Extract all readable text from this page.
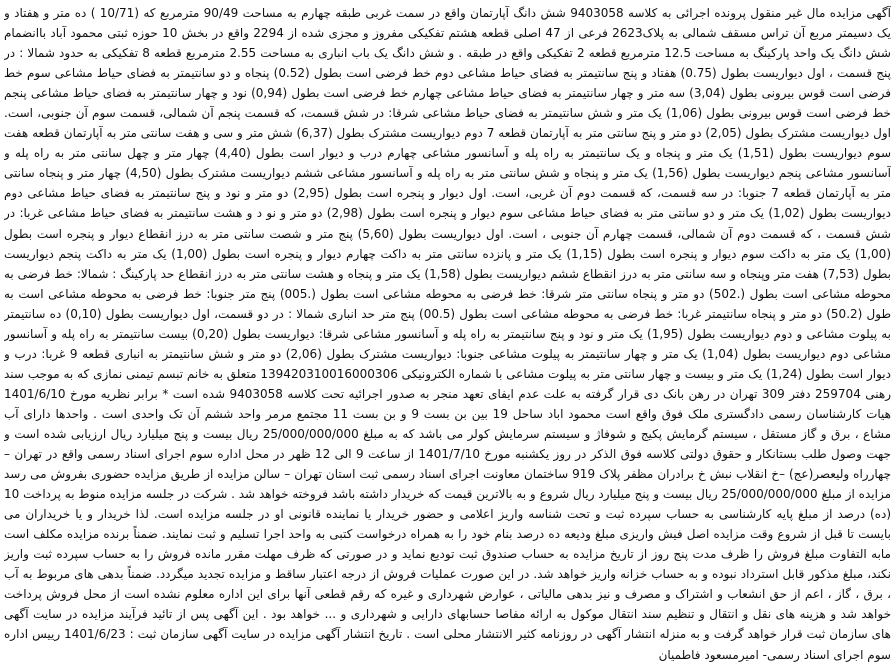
آگهی مزایده مال غیر منقول پرونده اجرائی به کلاسه 9403058 شش دانگ آپارتمان واقع در سمت غربی طبقه چهارم به مساحت 90/49 مترمربع که (10/71 ) ده متر و هفتاد و یک دسیمتر مربع آن تراس مسقف شمالی به پلاک2623 فرعی از 47 اصلی قطعه هشتم تفکیکی مفروز و مجزی شده از 2294 واقع در بخش 10 حوزه ثبتی محمود آباد باانضمام شش دانگ یک واحد پارکینگ به مساحت 12.5 مترمربع قطعه 2 تفکیکی واقع در طبقه . و شش دانگ یک باب انباری به مساحت 2.55 مترمربع قطعه 8 تفکیکی به حدود شمالا : در پنج قسمت ، اول دیواریست بطول (0.75) هفتاد و پنج سانتیمتر به فضای حیاط مشاعی دوم خط فرضی است بطول (0.52) پنجاه و دو سانتیمتر به فضای حیاط مشاعی سوم خط فرضی است قوس بیرونی بطول (3,04) سه متر و چهار سانتیمتر به فضای حیاط مشاعی چهارم خط فرضی است بطول (0,94) نود و چهار سانتیمتر به فضای حیاط مشاعی پنجم خط فرضی است قوس بیرونی بطول (1,06) یک متر و شش سانتیمتر به فضای حیاط مشاعی شرقا: در شش قسمت، که قسمت پنجم آن شمالی، قسمت سوم آن جنوبی، است. اول دیواریست مشترک بطول (2,05) دو متر و پنج سانتی متر به آپارتمان قطعه 7 دوم دیواریست مشترک بطول (6,37) شش متر و سی و هفت سانتی متر به آپارتمان قطعه هفت سوم دیواریست بطول (1,51) یک متر و پنجاه و یک سانتیمتر به راه پله و آسانسور مشاعی چهارم درب و دیوار است بطول (4,40) چهار متر و چهل سانتی متر به راه پله و آسانسور مشاعی پنجم دیواریست بطول (1,56) یک متر و پنجاه و شش سانتی متر به راه پله و آسانسور مشاعی ششم دیواریست مشترک بطول (4,50) چهار متر و پنجاه سانتی متر به آپارتمان قطعه 7 جنوبا: در سه قسمت، که قسمت دوم آن غربی، است. اول دیوار و پنجره است بطول (2,95) دو متر و نود و پنج سانتیمتر به فضای حیاط مشاعی دوم دیواریست بطول (1,02) یک متر و دو سانتی متر به فضای حیاط مشاعی سوم دیوار و پنجره است بطول (2,98) دو متر و نو د و هشت سانتیمتر به فضای حیاط مشاعی غربا: در شش قسمت ، که قسمت دوم آن شمالی، قسمت چهارم آن جنوبی ، است. اول دیواریست بطول (5,60) پنج متر و شصت سانتی متر به درز انقطاع دیوار و پنجره است بطول (1,00) یک متر به داکت سوم دیوار و پنجره است بطول (1,15) یک متر و پانزده سانتی متر به داکت چهارم دیوار و پنجره است بطول (1,00) یک متر به داکت پنجم دیواریست بطول (7,53) هفت متر وپنجاه و سه سانتی متر به درز انقطاع ششم دیواریست بطول (1,58) یک متر و پنجاه و هشت سانتی متر به درز انقطاع حد پارکینگ : شمالا: خط فرضی به محوطه مشاعی است بطول (.502) دو متر و پنجاه سانتی متر شرقا: خط فرضی به محوطه مشاعی است بطول (.005) پنج متر جنوبا: خط فرضی به محوطه مشاعی است به طول (50.2) دو متر و پنجاه سانتیمتر غربا: خط فرضی به محوطه مشاعی است بطول (00.5) پنج متر حد انباری شمالا : در دو قسمت، اول دیواریست بطول (0,10) ده سانتیمتر به پیلوت مشاعی و دوم دیواریست بطول (1,95) یک متر و نود و پنج سانتیمتر به راه پله و آسانسور مشاعی شرقا: دیواریست بطول (0,20) بیست سانتیمتر به راه پله و آسانسور مشاعی دوم دیواریست بطول (1,04) یک متر و چهار سانتیمتر به پیلوت مشاعی جنوبا: دیواریست مشترک بطول (2,06) دو متر و شش سانتیمتر به انباری قطعه 9 غربا: درب و دیوار است بطول (1,24) یک متر و بیست و چهار سانتی متر به پیلوت مشاعی با شماره الکترونیکی 139420310016000306 متعلق به خانم تبسم تیمنی نمازی که به موجب سند رهنی 259704 دفتر 309 تهران در رهن بانک دی قرار گرفته به علت عدم ایفای تعهد منجر به صدور اجرائیه تحت کلاسه 9403058 شده است * برابر نظریه مورخ 1401/6/10 هیات کارشناسان رسمی دادگستری ملک فوق واقع است محمود اباد ساحل 19 بین بن بست 9 و بن بست 11 مجتمع مرمر واحد ششم آن تک واحدی است . واحدها دارای آب مشاع ، برق و گاز مستقل ، سیستم گرمایش پکیج و شوفاژ و سیستم سرمایش کولر می باشد که به مبلغ 25/000/000/000 ریال بیست و پنج میلیارد ریال ارزیابی شده است و جهت وصول طلب بستانکار و حقوق دولتی کلاسه فوق الذکر در روز یکشنبه مورخ 1401/7/10 از ساعت 9 الی 12 ظهر در محل اداره سوم اجرای اسناد رسمی واقع در تهران – چهارراه ولیعصر(عج) –خ انقلاب نبش خ برادران مظفر پلاک 919 ساختمان معاونت اجرای اسناد رسمی ثبت استان تهران – سالن مزایده از طریق مزایده حضوری بفروش می رسد مزایده از مبلغ 25/000/000/000 ریال بیست و پنج میلیارد ریال شروع و به بالاترین قیمت که خریدار داشته باشد فروخته خواهد شد . شرکت در جلسه مزایده منوط به پرداخت 10 (ده) درصد از مبلغ پایه کارشناسی به حساب سپرده ثبت و تحت شناسه واریز اعلامی و حضور خریدار یا نماینده قانونی او در جلسه مزایده است. لذا خریدار و یا خریداران می بایست تا قبل از شروع وقت مزایده اصل فیش واریزی مبلغ ودیعه ده درصد بنام خود را به همراه درخواست کتبی به واحد اجرا تسلیم و ثبت نمایند. ضمناً برنده مزایده مکلف است مابه التفاوت مبلغ فروش را ظرف مدت پنج روز از تاریخ مزایده به حساب صندوق ثبت تودیع نماید و در صورتی که ظرف مهلت مقرر مانده فروش را به حساب سپرده ثبت واریز نکند، مبلغ مذکور قابل استرداد نبوده و به حساب خزانه واریز خواهد شد. در این صورت عملیات فروش از درجه اعتبار ساقط و مزایده تجدید میگردد. ضمناً بدهی های مربوط به آب ، برق ، گاز ، اعم از حق انشعاب و اشتراک و مصرف و نیز بدهی مالیاتی ، عوارض شهرداری و غیره که رقم قطعی آنها برای این اداره معلوم نشده است از محل فروش پرداخت خواهد شد و هزینه های نقل و انتقال و تنظیم سند انتقال موکول به ارائه مفاصا حسابهای دارایی و شهرداری و ... خواهد بود . این آگهی پس از تائید فرآیند مزایده در سایت آگهی های سازمان ثبت قرار خواهد گرفت و به منزله انتشار آگهی در روزنامه کثیر الانتشار محلی است . تاریخ انتشار آگهی مزایده در سایت آگهی سازمان ثبت : 1401/6/23 رییس اداره سوم اجرای اسناد رسمی- امیرمسعود فاطمیان
